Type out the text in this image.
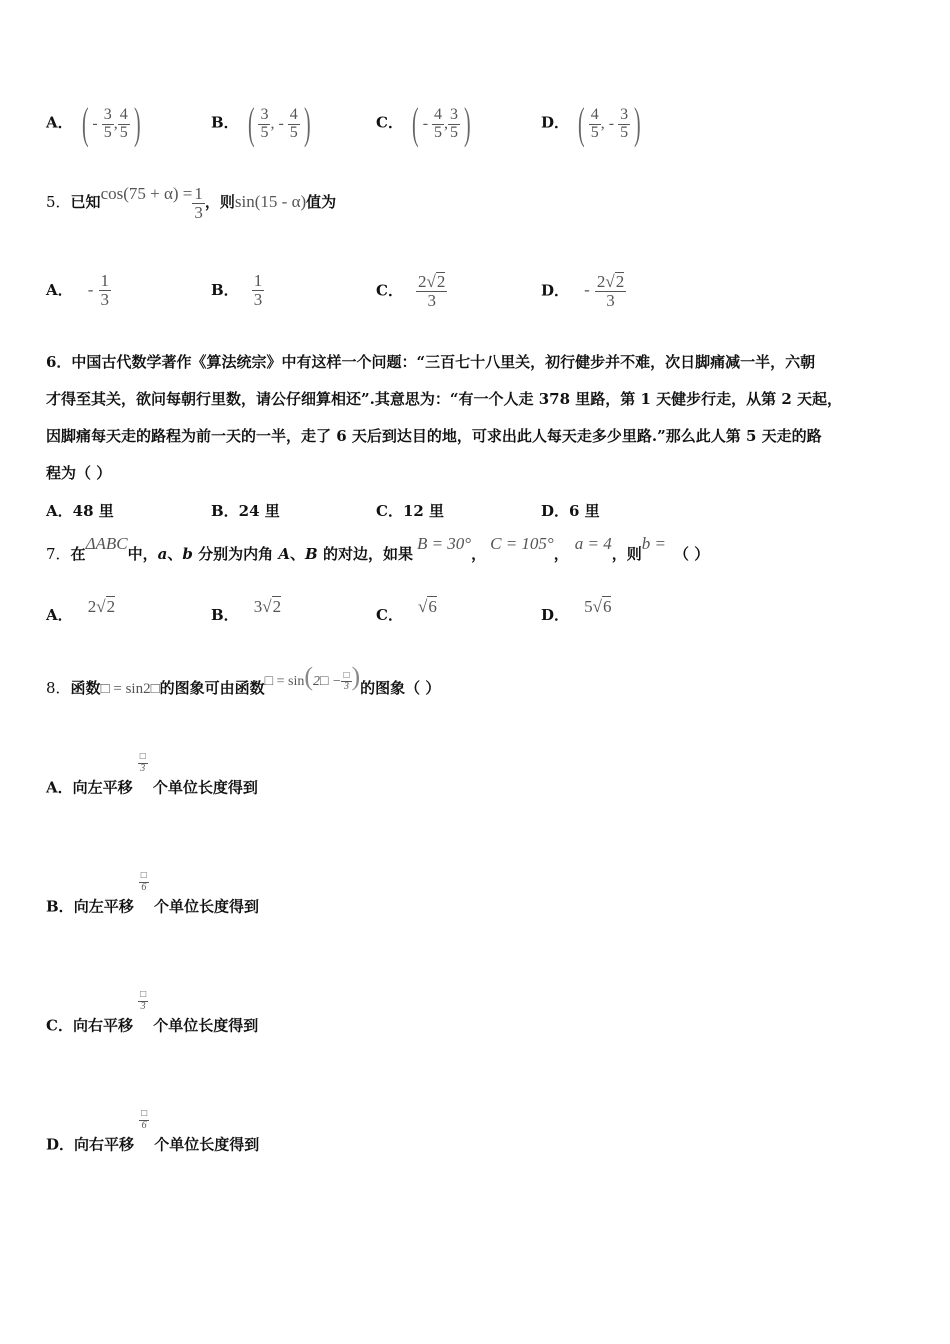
A． ( - $\frac{3}{5}$ , $\frac{4}{5}$ )	B． ( $\frac{3}{5}$ , - $\frac{4}{5}$ )	C． ( - $\frac{4}{5}$ , $\frac{3}{5}$ )	D． ( $\frac{4}{5}$ , - $\frac{3}{5}$ )
5．已知$\cos(75 + \alpha) = \frac{1}{3}$ ，则sin(15 - α)值为
A． - $\frac{1}{3}$	B． $\frac{1}{3}$	C． $\frac{2√2}{3}$	D． - $\frac{2√2}{3}$
6．中国古代数学著作《算法统宗》中有这样一个问题：“三百七十八里关，初行健步并不难，次日脚痛减一半，六朝
才得至其关，欲问每朝行里数，请公仔细算相还”.其意思为：“有一个人走 378 里路，第 1 天健步行走，从第 2 天起，
因脚痛每天走的路程为前一天的一半，走了 6 天后到达目的地，可求出此人每天走多少里路.”那么此人第 5 天走的路
程为（ ）
A．48 里	B．24 里	C．12 里	D．6 里
7．在ΔABC中，a、b 分别为内角 A、B 的对边，如果B = 30°，C = 105°，a = 4，则b =（ ）
A． 2√2	B． 3√2	C． √6	D． 5√6
8．函数□ = sin2□的图象可由函数□ = sin(2□ − $\frac{□}{3}$ )的图象（ ）
A．向左平移
$\frac{□}{3}$
个单位长度得到
B．向左平移
$\frac{□}{6}$
个单位长度得到
C．向右平移
$\frac{□}{3}$
个单位长度得到
D．向右平移
$\frac{□}{6}$
个单位长度得到
